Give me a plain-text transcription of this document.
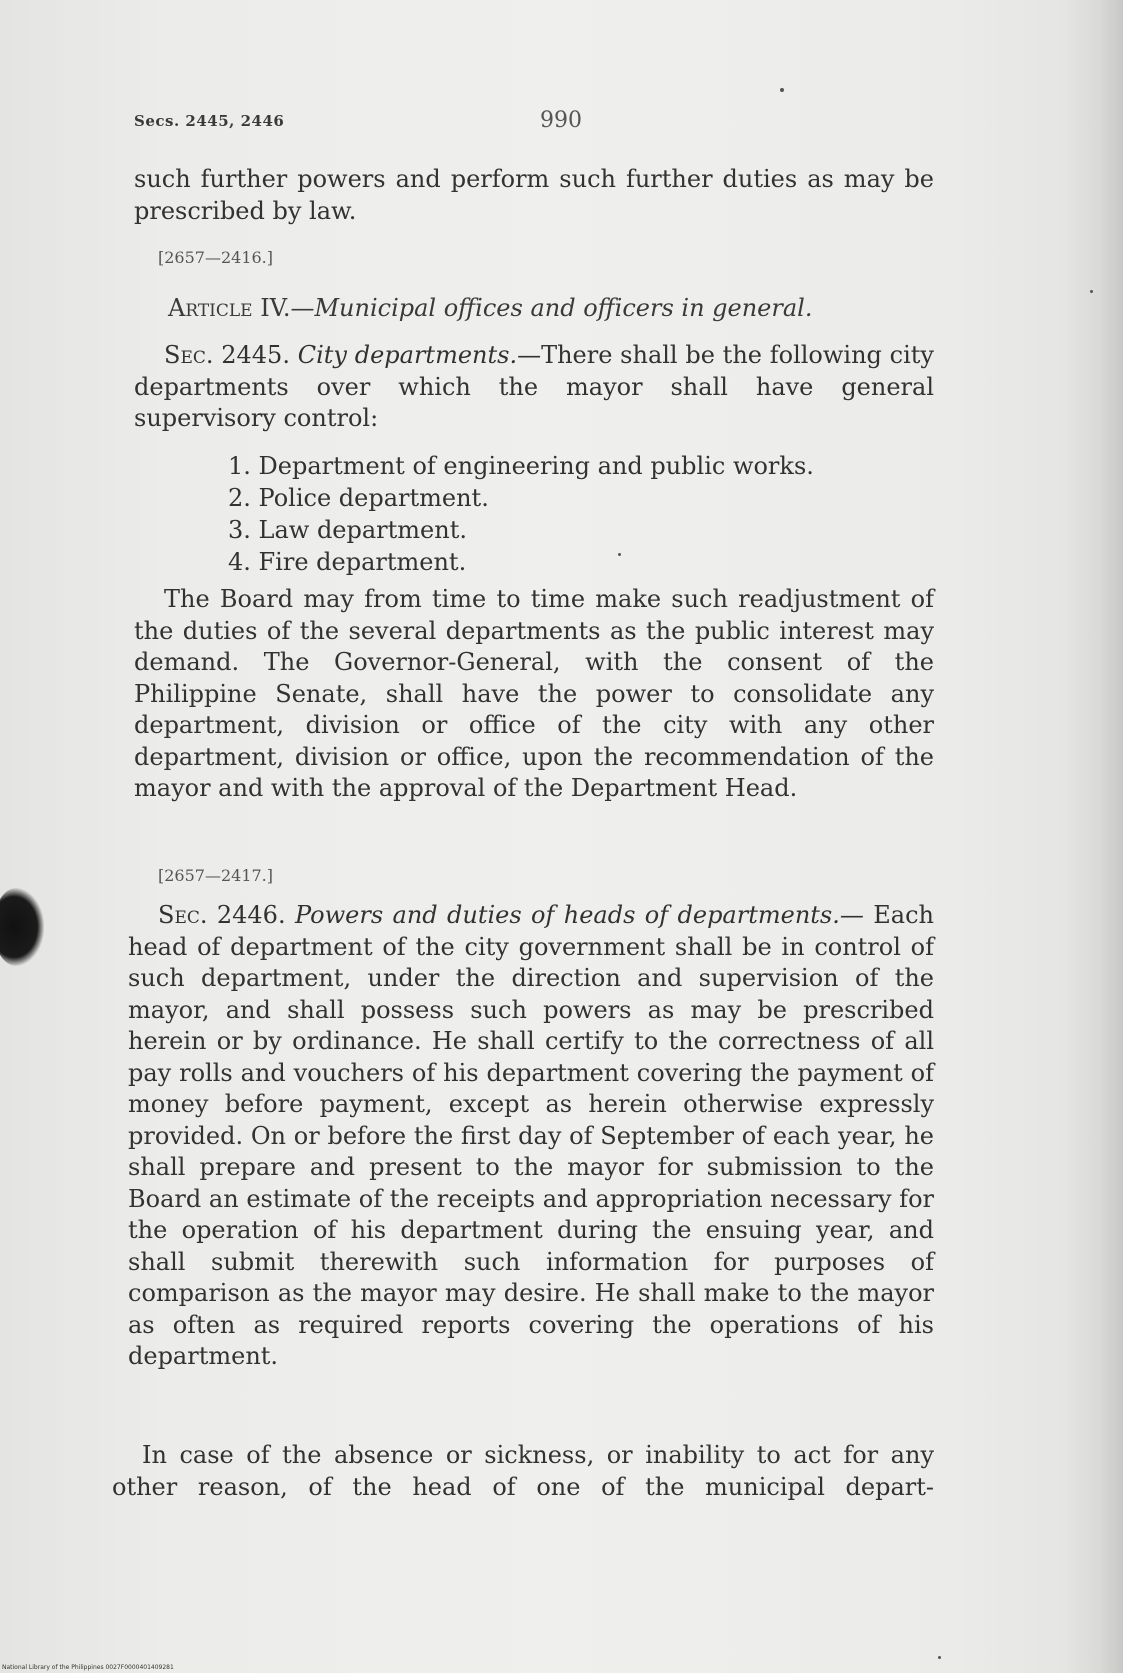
Secs. 2445, 2446	990
such further powers and perform such further duties as may be prescribed by law.
[2657—2416.]
Article IV.—Municipal offices and officers in general.
Sec. 2445. City departments.—There shall be the following city departments over which the mayor shall have general supervisory control:
1. Department of engineering and public works.
2. Police department.
3. Law department.
4. Fire department.
The Board may from time to time make such readjustment of the duties of the several departments as the public interest may demand. The Governor-General, with the consent of the Philippine Senate, shall have the power to consolidate any department, division or office of the city with any other department, division or office, upon the recommendation of the mayor and with the approval of the Department Head.
[2657—2417.]
Sec. 2446. Powers and duties of heads of departments.— Each head of department of the city government shall be in control of such department, under the direction and supervision of the mayor, and shall possess such powers as may be prescribed herein or by ordinance. He shall certify to the correctness of all pay rolls and vouchers of his department covering the payment of money before payment, except as herein otherwise expressly provided. On or before the first day of September of each year, he shall prepare and present to the mayor for submission to the Board an estimate of the receipts and appropriation necessary for the operation of his department during the ensuing year, and shall submit therewith such information for purposes of comparison as the mayor may desire. He shall make to the mayor as often as required reports covering the operations of his department.
In case of the absence or sickness, or inability to act for any other reason, of the head of one of the municipal depart-
National Library of the Philippines 0027F0000401409281
